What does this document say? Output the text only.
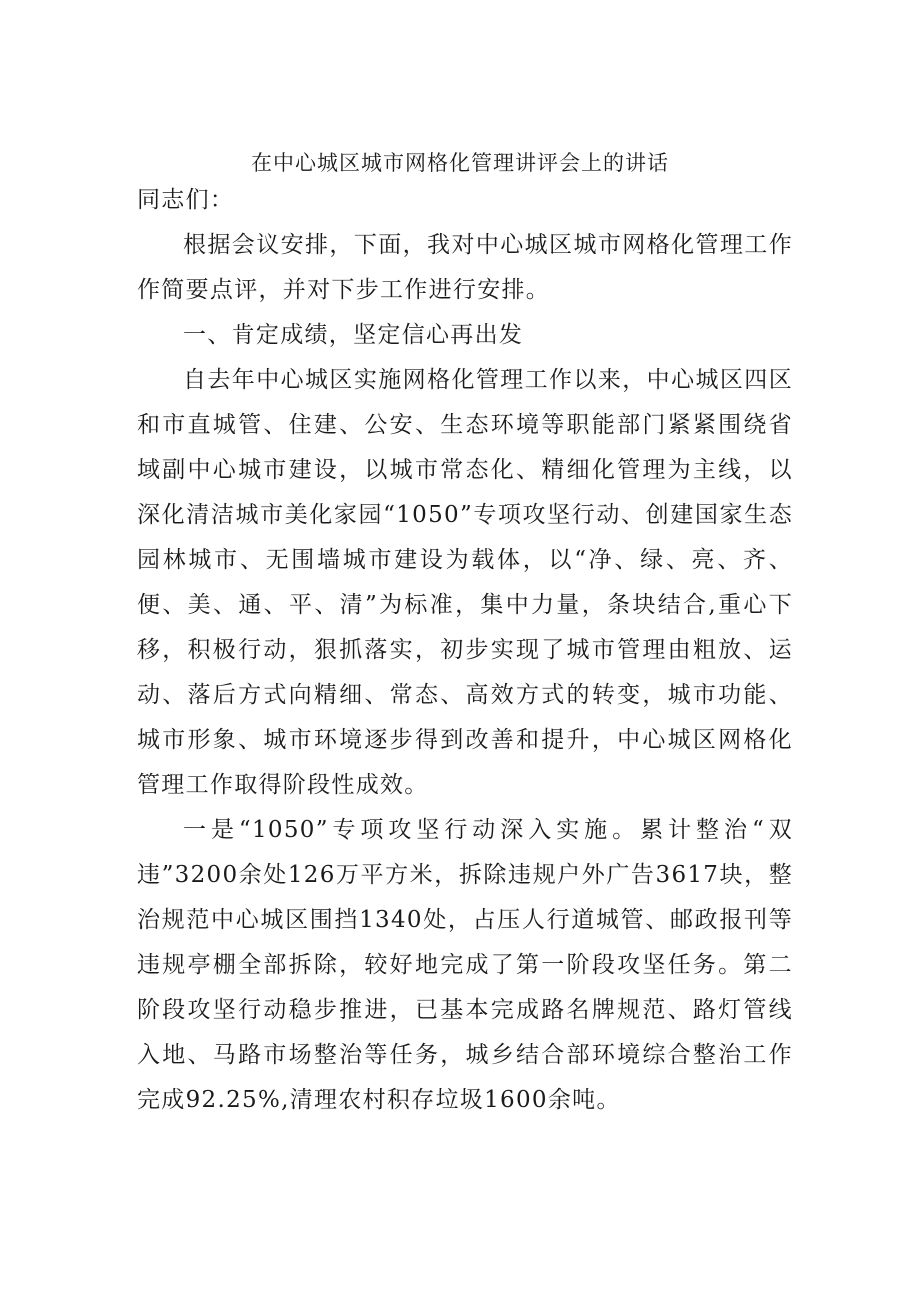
在中心城区城市网格化管理讲评会上的讲话

同志们：

根据会议安排，下面，我对中心城区城市网格化管理工作作简要点评，并对下步工作进行安排。

一、肯定成绩，坚定信心再出发

自去年中心城区实施网格化管理工作以来，中心城区四区和市直城管、住建、公安、生态环境等职能部门紧紧围绕省域副中心城市建设，以城市常态化、精细化管理为主线，以深化清洁城市美化家园“1050”专项攻坚行动、创建国家生态园林城市、无围墙城市建设为载体，以“净、绿、亮、齐、便、美、通、平、清”为标准，集中力量，条块结合,重心下移，积极行动，狠抓落实，初步实现了城市管理由粗放、运动、落后方式向精细、常态、高效方式的转变，城市功能、城市形象、城市环境逐步得到改善和提升，中心城区网格化管理工作取得阶段性成效。

一是“1050”专项攻坚行动深入实施。累计整治“双违”3200余处126万平方米，拆除违规户外广告3617块，整治规范中心城区围挡1340处，占压人行道城管、邮政报刊等违规亭棚全部拆除，较好地完成了第一阶段攻坚任务。第二阶段攻坚行动稳步推进，已基本完成路名牌规范、路灯管线入地、马路市场整治等任务，城乡结合部环境综合整治工作完成92.25%,清理农村积存垃圾1600余吨。
